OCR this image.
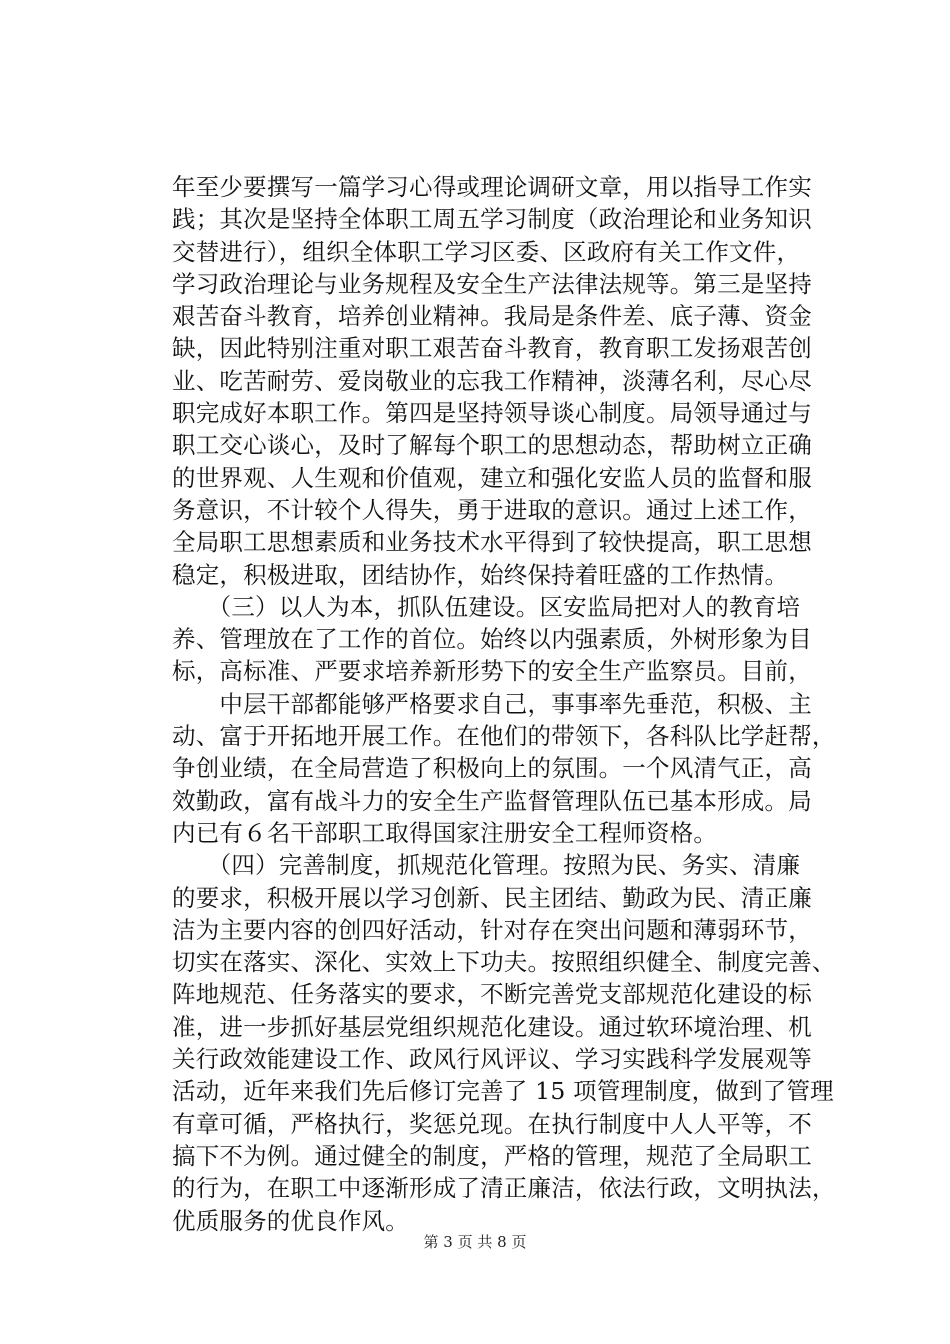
年至少要撰写一篇学习心得或理论调研文章，用以指导工作实
践；其次是坚持全体职工周五学习制度（政治理论和业务知识
交替进行），组织全体职工学习区委、区政府有关工作文件，
学习政治理论与业务规程及安全生产法律法规等。第三是坚持
艰苦奋斗教育，培养创业精神。我局是条件差、底子薄、资金
缺，因此特别注重对职工艰苦奋斗教育，教育职工发扬艰苦创
业、吃苦耐劳、爱岗敬业的忘我工作精神，淡薄名利，尽心尽
职完成好本职工作。第四是坚持领导谈心制度。局领导通过与
职工交心谈心，及时了解每个职工的思想动态，帮助树立正确
的世界观、人生观和价值观，建立和强化安监人员的监督和服
务意识，不计较个人得失，勇于进取的意识。通过上述工作，
全局职工思想素质和业务技术水平得到了较快提高，职工思想
稳定，积极进取，团结协作，始终保持着旺盛的工作热情。
　　（三）以人为本，抓队伍建设。区安监局把对人的教育培
养、管理放在了工作的首位。始终以内强素质，外树形象为目
标，高标准、严要求培养新形势下的安全生产监察员。目前，
　　中层干部都能够严格要求自己，事事率先垂范，积极、主
动、富于开拓地开展工作。在他们的带领下，各科队比学赶帮，
争创业绩，在全局营造了积极向上的氛围。一个风清气正，高
效勤政，富有战斗力的安全生产监督管理队伍已基本形成。局
内已有６名干部职工取得国家注册安全工程师资格。
　　（四）完善制度，抓规范化管理。按照为民、务实、清廉
的要求，积极开展以学习创新、民主团结、勤政为民、清正廉
洁为主要内容的创四好活动，针对存在突出问题和薄弱环节，
切实在落实、深化、实效上下功夫。按照组织健全、制度完善、
阵地规范、任务落实的要求，不断完善党支部规范化建设的标
准，进一步抓好基层党组织规范化建设。通过软环境治理、机
关行政效能建设工作、政风行风评议、学习实践科学发展观等
活动，近年来我们先后修订完善了 15 项管理制度，做到了管理
有章可循，严格执行，奖惩兑现。在执行制度中人人平等，不
搞下不为例。通过健全的制度，严格的管理，规范了全局职工
的行为，在职工中逐渐形成了清正廉洁，依法行政，文明执法，
优质服务的优良作风。
第 3 页 共 8 页
